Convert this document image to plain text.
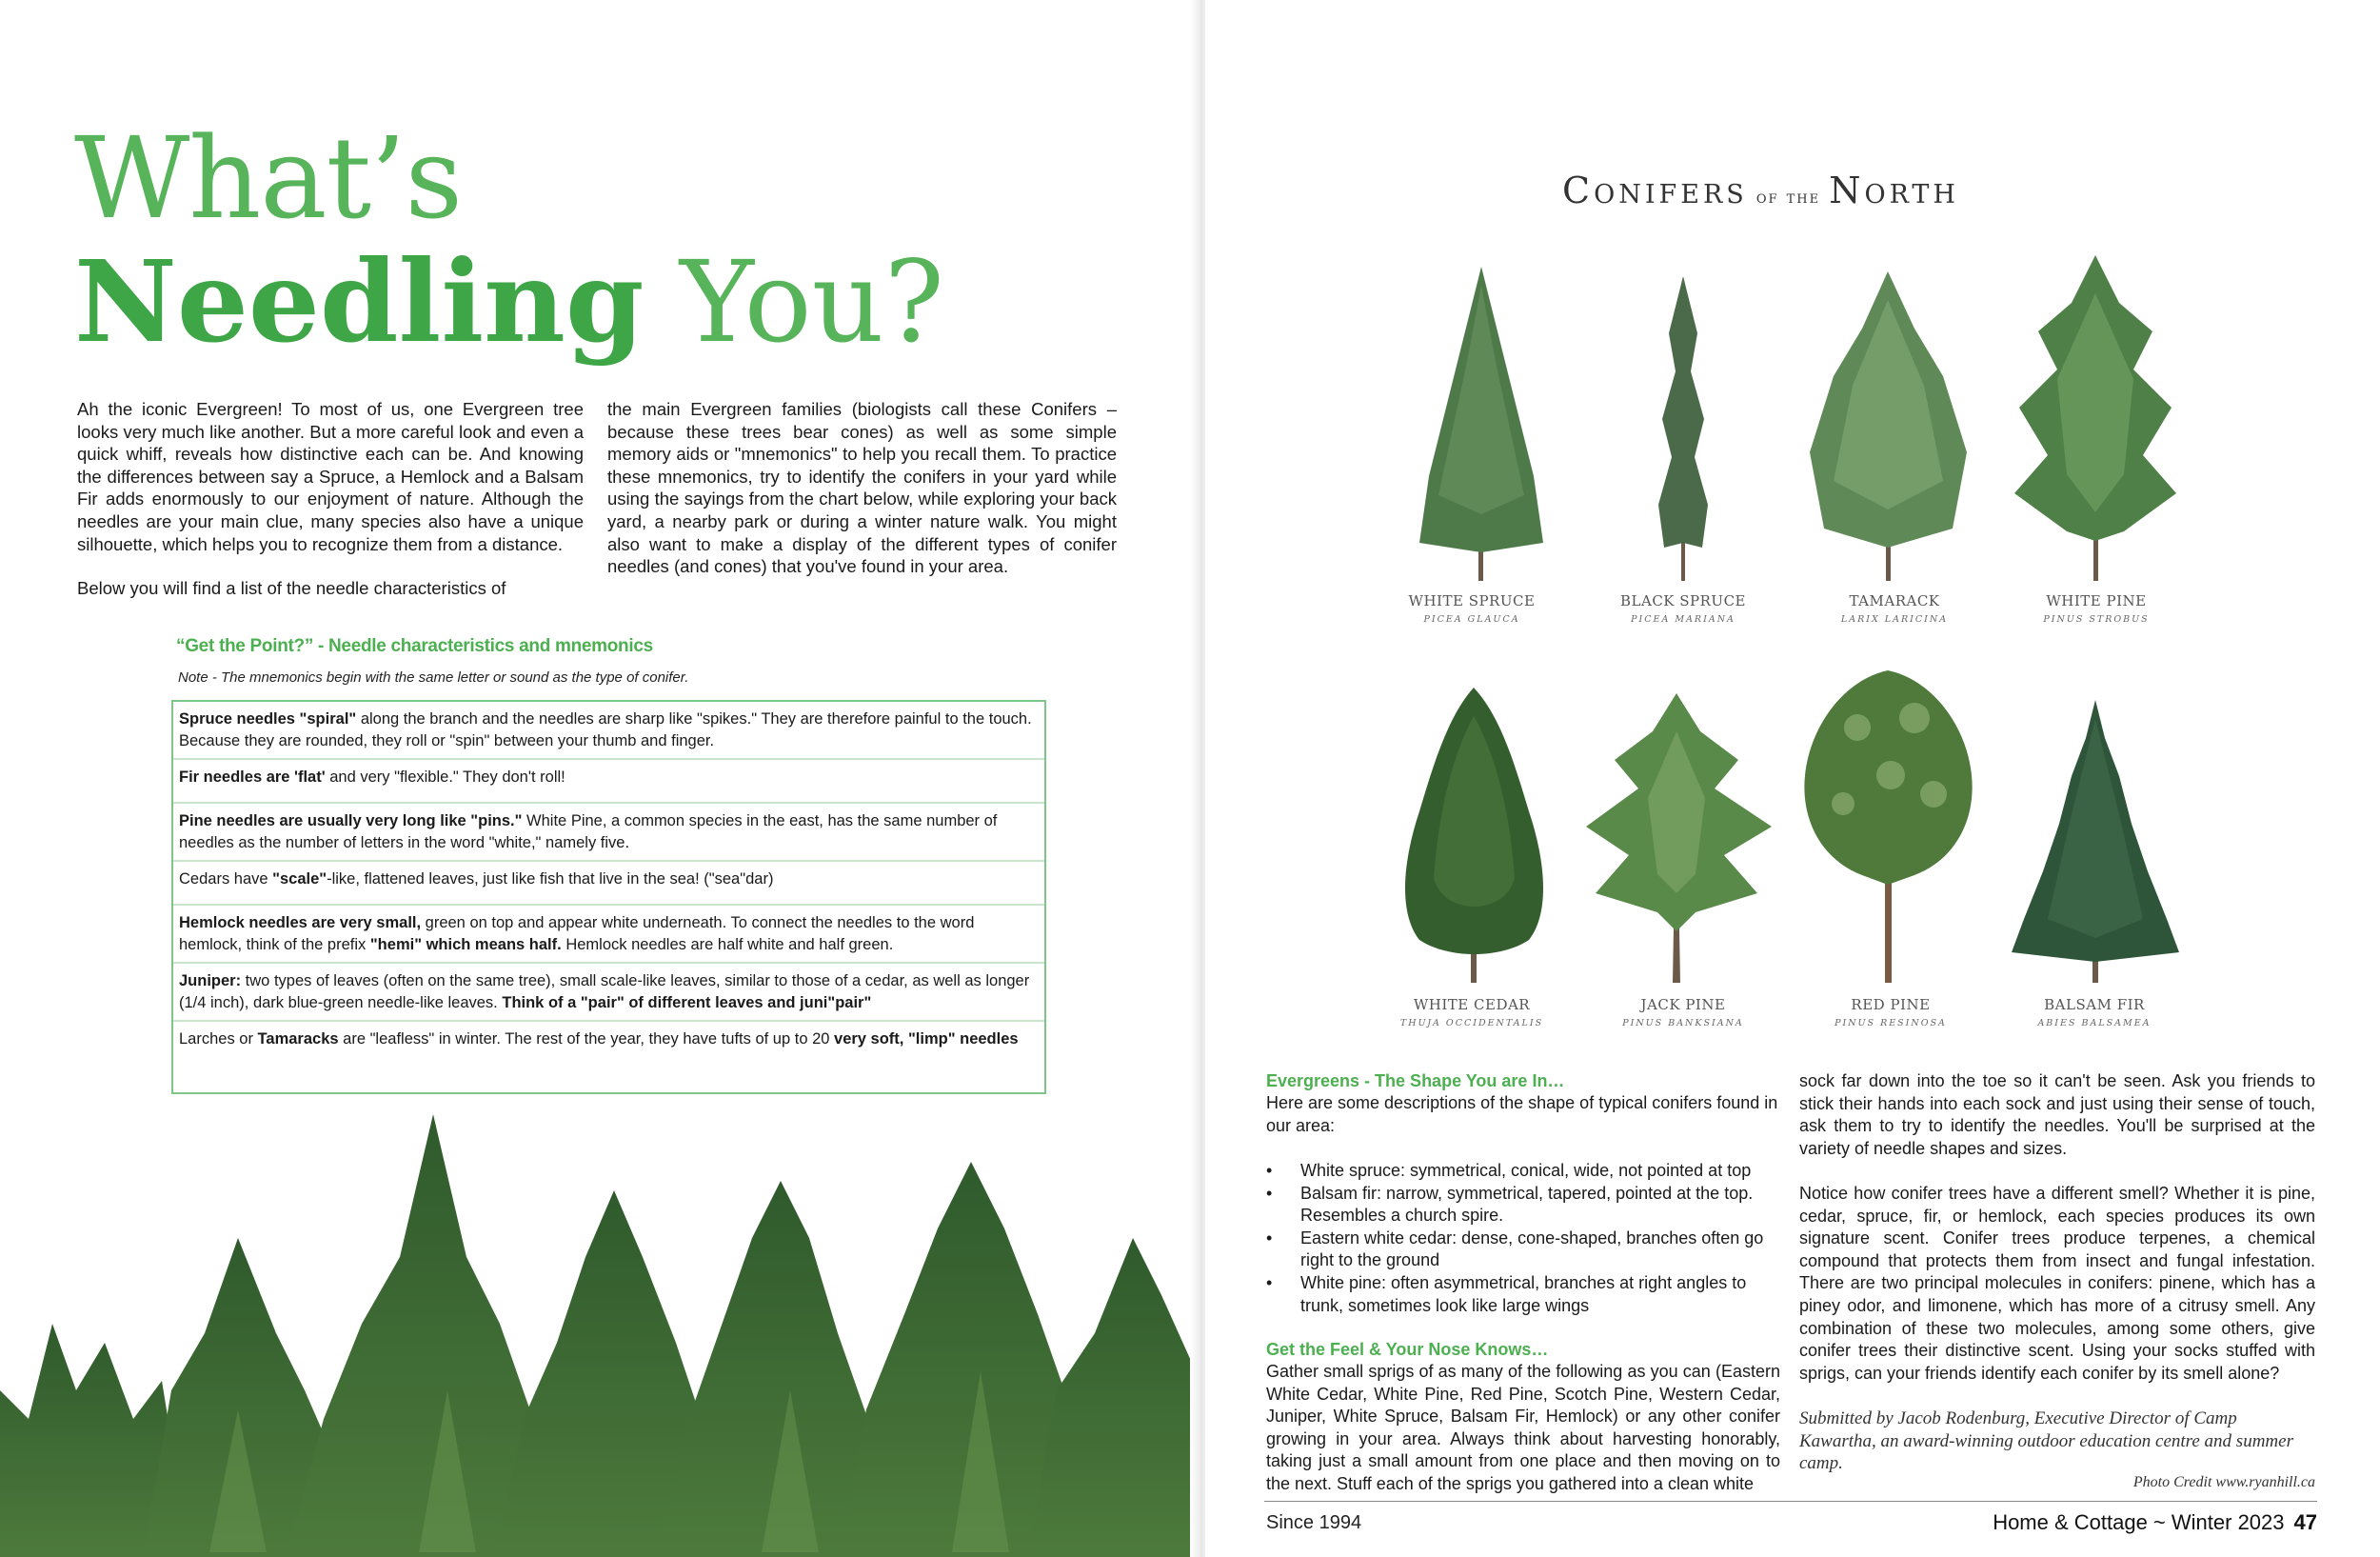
What’s
Needling You?

Ah the iconic Evergreen! To most of us, one Evergreen tree looks very much like another. But a more careful look and even a quick whiff, reveals how distinctive each can be. And knowing the differences between say a Spruce, a Hemlock and a Balsam Fir adds enormously to our enjoyment of nature. Although the needles are your main clue, many species also have a unique silhouette, which helps you to recognize them from a distance.

Below you will find a list of the needle characteristics of

the main Evergreen families (biologists call these Conifers – because these trees bear cones) as well as some simple memory aids or "mnemonics" to help you recall them. To practice these mnemonics, try to identify the conifers in your yard while using the sayings from the chart below, while exploring your back yard, a nearby park or during a winter nature walk. You might also want to make a display of the different types of conifer needles (and cones) that you've found in your area.

“Get the Point?” - Needle characteristics and mnemonics
Note - The mnemonics begin with the same letter or sound as the type of conifer.
Spruce needles "spiral" along the branch and the needles are sharp like "spikes." They are therefore painful to the touch. Because they are rounded, they roll or "spin" between your thumb and finger.
Fir needles are 'flat' and very "flexible." They don't roll!
Pine needles are usually very long like "pins." White Pine, a common species in the east, has the same number of needles as the number of letters in the word "white," namely five.
Cedars have "scale"-like, flattened leaves, just like fish that live in the sea! ("sea"dar)
Hemlock needles are very small, green on top and appear white underneath. To connect the needles to the word hemlock, think of the prefix "hemi" which means half. Hemlock needles are half white and half green.
Juniper: two types of leaves (often on the same tree), small scale-like leaves, similar to those of a cedar, as well as longer (1/4 inch), dark blue-green needle-like leaves. Think of a "pair" of different leaves and juni"pair"
Larches or Tamaracks are "leafless" in winter. The rest of the year, they have tufts of up to 20 very soft, "limp" needles
Conifers of the North
WHITE SPRUCE
PICEA GLAUCA
BLACK SPRUCE
PICEA MARIANA
TAMARACK
LARIX LARICINA
WHITE PINE
PINUS STROBUS
WHITE CEDAR
THUJA OCCIDENTALIS
JACK PINE
PINUS BANKSIANA
RED PINE
PINUS RESINOSA
BALSAM FIR
ABIES BALSAMEA
Evergreens - The Shape You are In…
Here are some descriptions of the shape of typical conifers found in our area:
• White spruce: symmetrical, conical, wide, not pointed at top
• Balsam fir: narrow, symmetrical, tapered, pointed at the top. Resembles a church spire.
• Eastern white cedar: dense, cone-shaped, branches often go right to the ground
• White pine: often asymmetrical, branches at right angles to trunk, sometimes look like large wings
Get the Feel & Your Nose Knows…
Gather small sprigs of as many of the following as you can (Eastern White Cedar, White Pine, Red Pine, Scotch Pine, Western Cedar, Juniper, White Spruce, Balsam Fir, Hemlock) or any other conifer growing in your area. Always think about harvesting honorably, taking just a small amount from one place and then moving on to the next. Stuff each of the sprigs you gathered into a clean white
sock far down into the toe so it can't be seen. Ask you friends to stick their hands into each sock and just using their sense of touch, ask them to try to identify the needles. You'll be surprised at the variety of needle shapes and sizes.
Notice how conifer trees have a different smell? Whether it is pine, cedar, spruce, fir, or hemlock, each species produces its own signature scent. Conifer trees produce terpenes, a chemical compound that protects them from insect and fungal infestation. There are two principal molecules in conifers: pinene, which has a piney odor, and limonene, which has more of a citrusy smell. Any combination of these two molecules, among some others, give conifer trees their distinctive scent. Using your socks stuffed with sprigs, can your friends identify each conifer by its smell alone?
Submitted by Jacob Rodenburg, Executive Director of Camp Kawartha, an award-winning outdoor education centre and summer camp.
Photo Credit www.ryanhill.ca
Since 1994	Home & Cottage ~ Winter 2023 47
